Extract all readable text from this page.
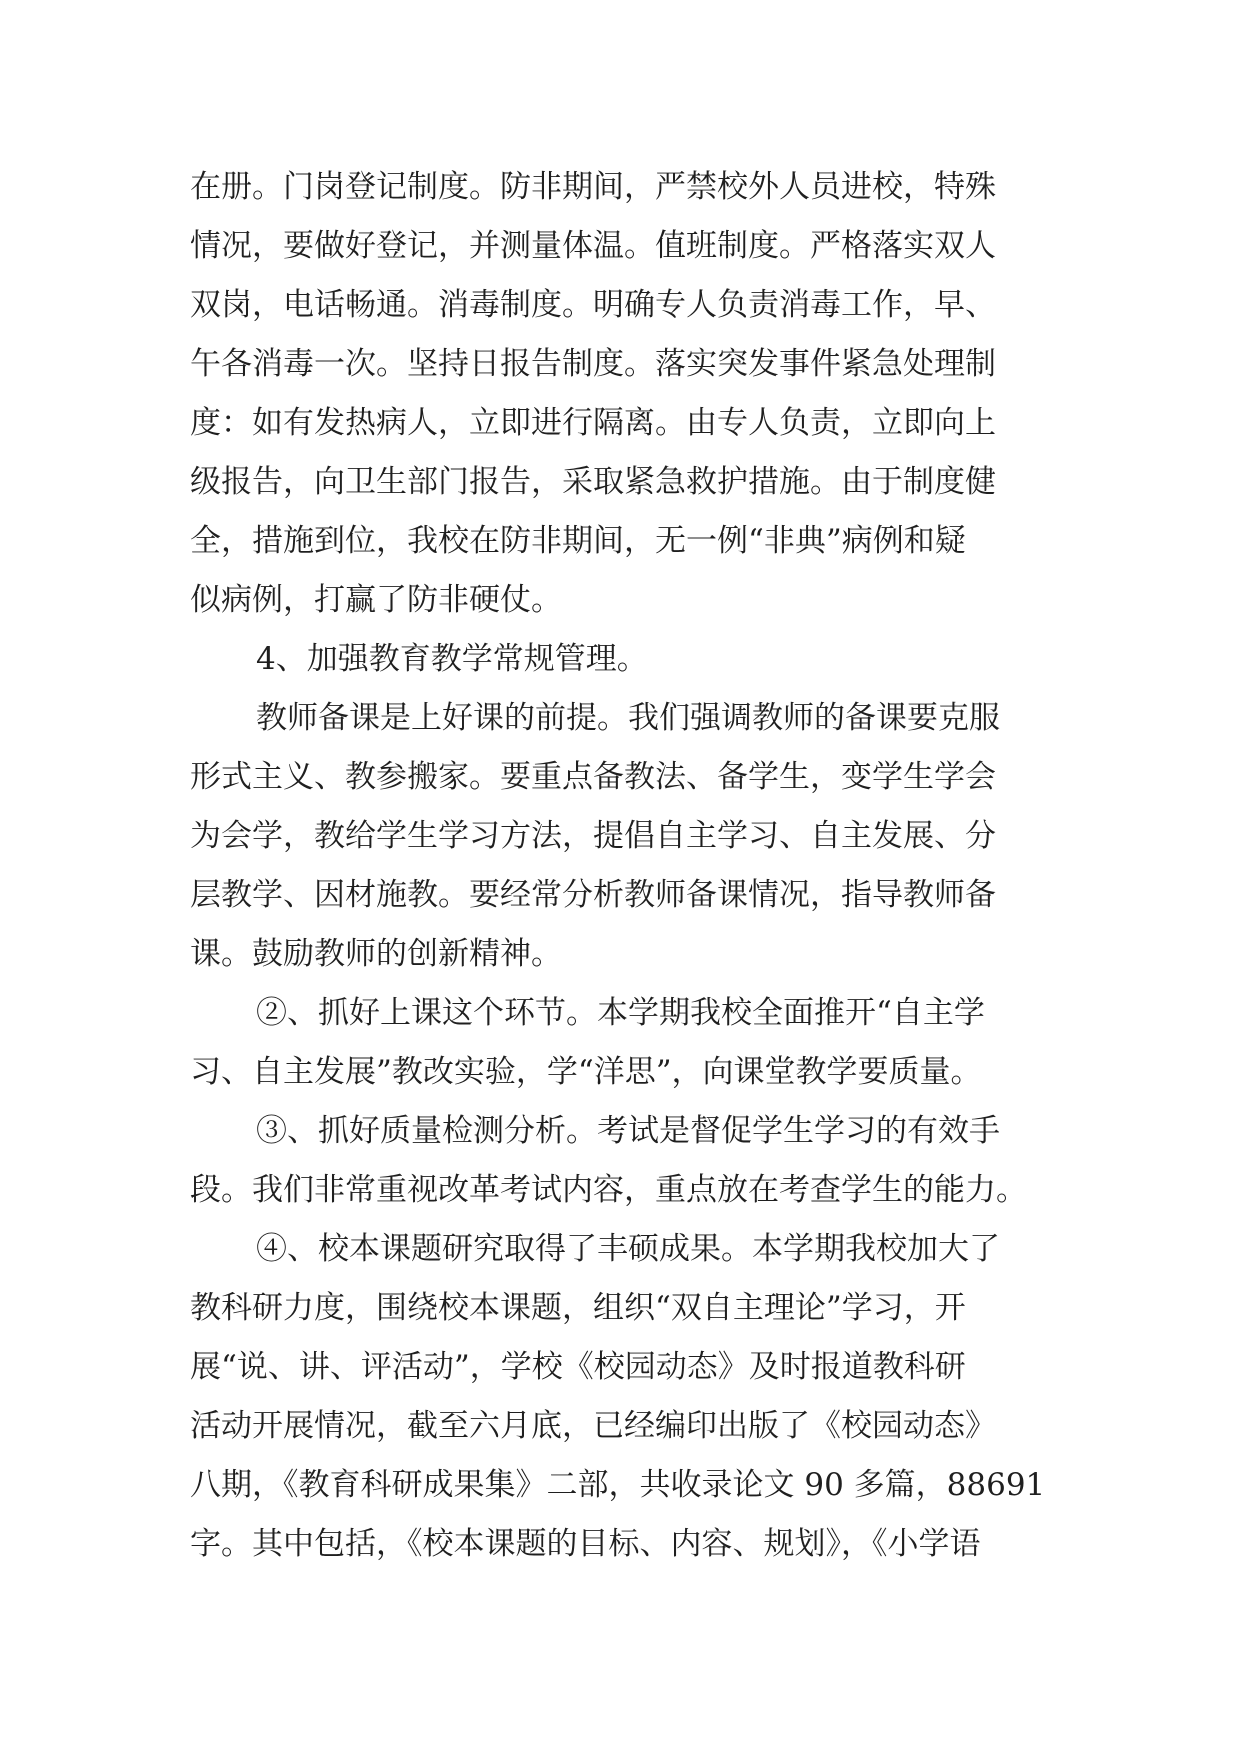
在册。门岗登记制度。防非期间，严禁校外人员进校，特殊
情况，要做好登记，并测量体温。值班制度。严格落实双人
双岗，电话畅通。消毒制度。明确专人负责消毒工作，早、
午各消毒一次。坚持日报告制度。落实突发事件紧急处理制
度：如有发热病人，立即进行隔离。由专人负责，立即向上
级报告，向卫生部门报告，采取紧急救护措施。由于制度健
全，措施到位，我校在防非期间，无一例“非典”病例和疑
似病例，打赢了防非硬仗。
4、加强教育教学常规管理。
教师备课是上好课的前提。我们强调教师的备课要克服
形式主义、教参搬家。要重点备教法、备学生，变学生学会
为会学，教给学生学习方法，提倡自主学习、自主发展、分
层教学、因材施教。要经常分析教师备课情况，指导教师备
课。鼓励教师的创新精神。
②、抓好上课这个环节。本学期我校全面推开“自主学
习、自主发展”教改实验，学“洋思”，向课堂教学要质量。
③、抓好质量检测分析。考试是督促学生学习的有效手
段。我们非常重视改革考试内容，重点放在考查学生的能力。
④、校本课题研究取得了丰硕成果。本学期我校加大了
教科研力度，围绕校本课题，组织“双自主理论”学习，开
展“说、讲、评活动”，学校《校园动态》及时报道教科研
活动开展情况，截至六月底，已经编印出版了《校园动态》
八期，《教育科研成果集》二部，共收录论文 90 多篇，88691
字。其中包括，《校本课题的目标、内容、规划》，《小学语
